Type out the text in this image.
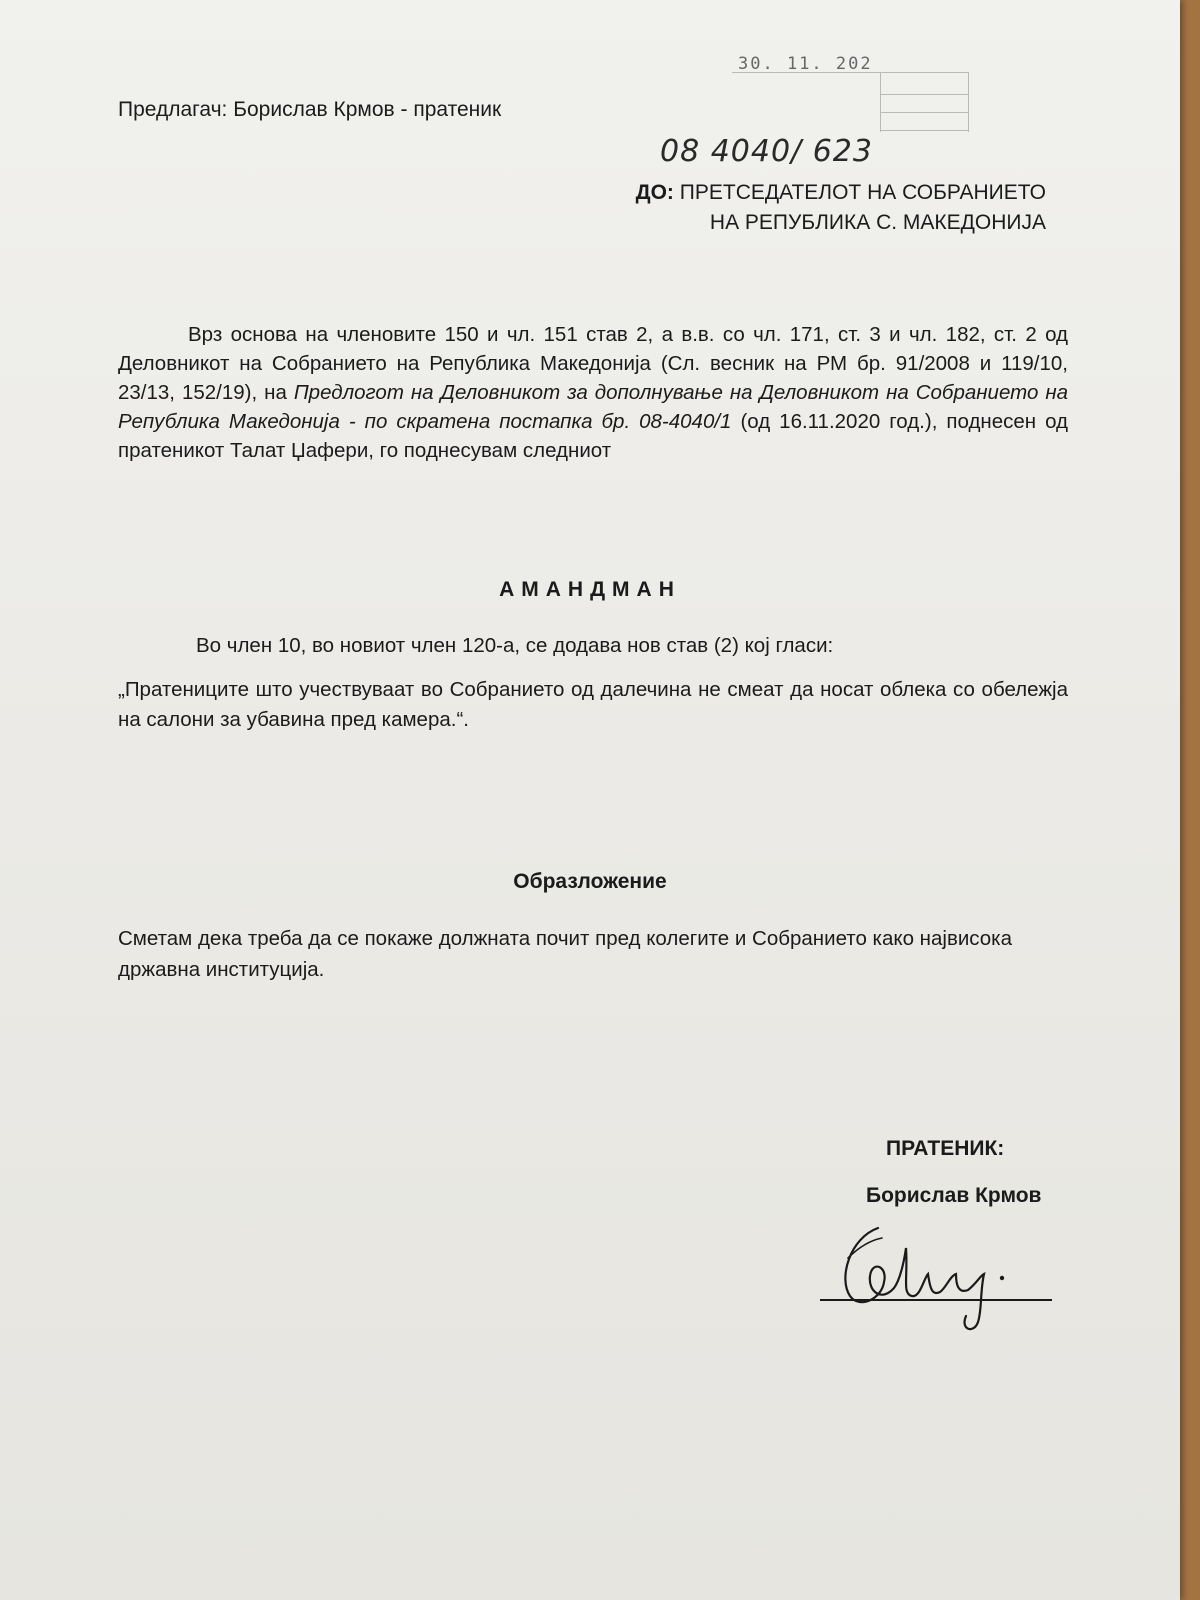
Предлагач: Борислав Крмов - пратеник
30. 11. 202
08 4040/ 623
ДО: ПРЕТСЕДАТЕЛОТ НА СОБРАНИЕТО
НА РЕПУБЛИКА С. МАКЕДОНИЈА
Врз основа на членовите 150 и чл. 151 став 2, а в.в. со чл. 171, ст. 3 и чл. 182, ст. 2 од Деловникот на Собранието на Република Македонија (Сл. весник на РМ бр. 91/2008 и 119/10, 23/13, 152/19), на Предлогот на Деловникот за дополнување на Деловникот на Собранието на Република Македонија - по скратена постапка бр. 08-4040/1 (од 16.11.2020 год.), поднесен од пратеникот Талат Џафери, го поднесувам следниот
АМАНДМАН
Во член 10, во новиот член 120-а, се додава нов став (2) кој гласи:
„Пратениците што учествуваат во Собранието од далечина не смеат да носат облека со обележја на салони за убавина пред камера.“.
Образложение
Сметам дека треба да се покаже должната почит пред колегите и Собранието како највисока државна институција.
ПРАТЕНИК:
Борислав Крмов
